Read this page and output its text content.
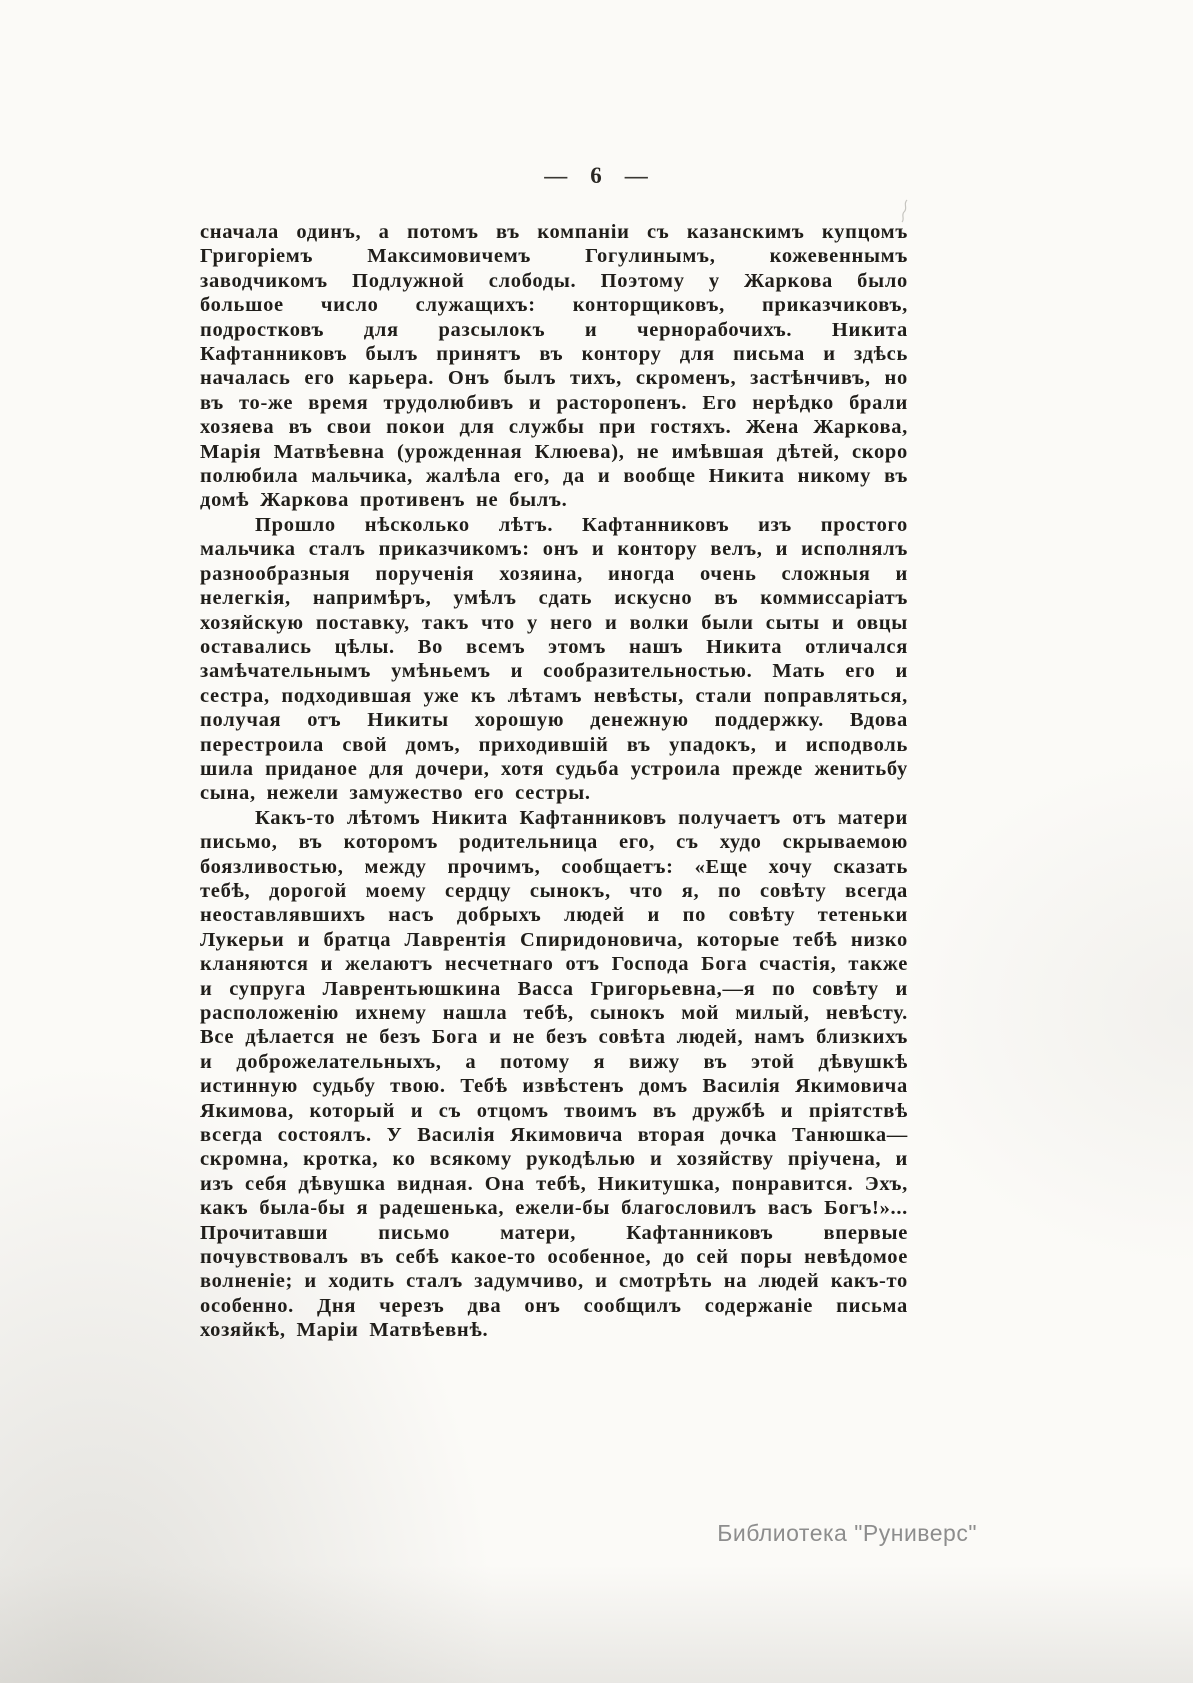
— 6 —

сначала одинъ, а потомъ въ компаніи съ казанскимъ купцомъ Григоріемъ Максимовичемъ Гогулинымъ, кожевеннымъ заводчикомъ Подлужной слободы. Поэтому у Жаркова было большое число служащихъ: конторщиковъ, приказчиковъ, подростковъ для разсылокъ и чернорабочихъ. Никита Кафтанниковъ былъ принятъ въ контору для письма и здѣсь началась его карьера. Онъ былъ тихъ, скроменъ, застѣнчивъ, но въ то-же время трудолюбивъ и расторопенъ. Его нерѣдко брали хозяева въ свои покои для службы при гостяхъ. Жена Жаркова, Марія Матвѣевна (урожденная Клюева), не имѣвшая дѣтей, скоро полюбила мальчика, жалѣла его, да и вообще Никита никому въ домѣ Жаркова противенъ не былъ.

Прошло нѣсколько лѣтъ. Кафтанниковъ изъ простого мальчика сталъ приказчикомъ: онъ и контору велъ, и исполнялъ разнообразныя порученія хозяина, иногда очень сложныя и нелегкія, напримѣръ, умѣлъ сдать искусно въ коммиссаріатъ хозяйскую поставку, такъ что у него и волки были сыты и овцы оставались цѣлы. Во всемъ этомъ нашъ Никита отличался замѣчательнымъ умѣньемъ и сообразительностью. Мать его и сестра, подходившая уже къ лѣтамъ невѣсты, стали поправляться, получая отъ Никиты хорошую денежную поддержку. Вдова перестроила свой домъ, приходившій въ упадокъ, и исподволь шила приданое для дочери, хотя судьба устроила прежде женитьбу сына, нежели замужество его сестры.

Какъ-то лѣтомъ Никита Кафтанниковъ получаетъ отъ матери письмо, въ которомъ родительница его, съ худо скрываемою боязливостью, между прочимъ, сообщаетъ: «Еще хочу сказать тебѣ, дорогой моему сердцу сынокъ, что я, по совѣту всегда неоставлявшихъ насъ добрыхъ людей и по совѣту тетеньки Лукерьи и братца Лаврентія Спиридоновича, которые тебѣ низко кланяются и желаютъ несчетнаго отъ Господа Бога счастія, также и супруга Лаврентьюшкина Васса Григорьевна,—я по совѣту и расположенію ихнему нашла тебѣ, сынокъ мой милый, невѣсту. Все дѣлается не безъ Бога и не безъ совѣта людей, намъ близкихъ и доброжелательныхъ, а потому я вижу въ этой дѣвушкѣ истинную судьбу твою. Тебѣ извѣстенъ домъ Василія Якимовича Якимова, который и съ отцомъ твоимъ въ дружбѣ и пріятствѣ всегда состоялъ. У Василія Якимовича вторая дочка Танюшка—скромна, кротка, ко всякому рукодѣлью и хозяйству пріучена, и изъ себя дѣвушка видная. Она тебѣ, Никитушка, понравится. Эхъ, какъ была-бы я радешенька, ежели-бы благословилъ васъ Богъ!»... Прочитавши письмо матери, Кафтанниковъ впервые почувствовалъ въ себѣ какое-то особенное, до сей поры невѣдомое волненіе; и ходить сталъ задумчиво, и смотрѣть на людей какъ-то особенно. Дня черезъ два онъ сообщилъ содержаніе письма хозяйкѣ, Маріи Матвѣевнѣ.

Библиотека "Руниверс"
